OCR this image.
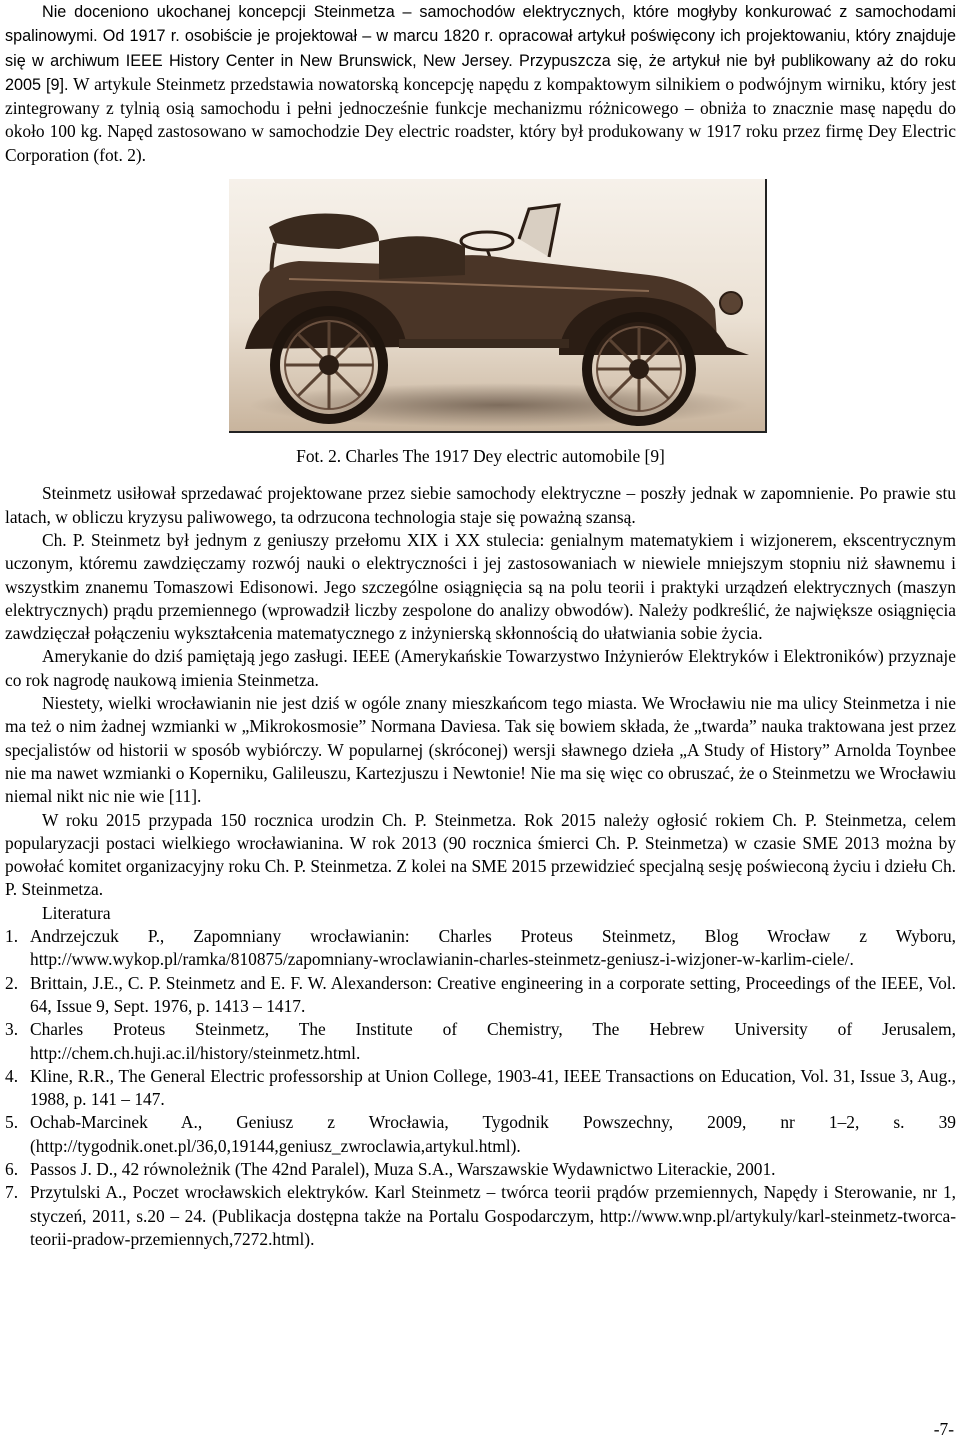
Nie doceniono ukochanej koncepcji Steinmetza – samochodów elektrycznych, które mogłyby konkurować z samochodami spalinowymi. Od 1917 r. osobiście je projektował – w marcu 1820 r. opracował artykuł poświęcony ich projektowaniu, który znajduje się w archiwum IEEE History Center in New Brunswick, New Jersey. Przypuszcza się, że artykuł nie był publikowany aż do roku 2005 [9]. W artykule Steinmetz przedstawia nowatorską koncepcję napędu z kompaktowym silnikiem o podwójnym wirniku, który jest zintegrowany z tylnią osią samochodu i pełni jednocześnie funkcje mechanizmu różnicowego – obniża to znacznie masę napędu do około 100 kg. Napęd zastosowano w samochodzie Dey electric roadster, który był produkowany w 1917 roku przez firmę Dey Electric Corporation (fot. 2).

Fot. 2. Charles The 1917 Dey electric automobile [9]

Steinmetz usiłował sprzedawać projektowane przez siebie samochody elektryczne – poszły jednak w zapomnienie. Po prawie stu latach, w obliczu kryzysu paliwowego, ta odrzucona technologia staje się poważną szansą.

Ch. P. Steinmetz był jednym z geniuszy przełomu XIX i XX stulecia: genialnym matematykiem i wizjonerem, ekscentrycznym uczonym, któremu zawdzięczamy rozwój nauki o elektryczności i jej zastosowaniach w niewiele mniejszym stopniu niż sławnemu i wszystkim znanemu Tomaszowi Edisonowi. Jego szczególne osiągnięcia są na polu teorii i praktyki urządzeń elektrycznych (maszyn elektrycznych) prądu przemiennego (wprowadził liczby zespolone do analizy obwodów). Należy podkreślić, że największe osiągnięcia zawdzięczał połączeniu wykształcenia matematycznego z inżynierską skłonnością do ułatwiania sobie życia.

Amerykanie do dziś pamiętają jego zasługi. IEEE (Amerykańskie Towarzystwo Inżynierów Elektryków i Elektroników) przyznaje co rok nagrodę naukową imienia Steinmetza.

Niestety, wielki wrocławianin nie jest dziś w ogóle znany mieszkańcom tego miasta. We Wrocławiu nie ma ulicy Steinmetza i nie ma też o nim żadnej wzmianki w „Mikrokosmosie” Normana Daviesa. Tak się bowiem składa, że „twarda” nauka traktowana jest przez specjalistów od historii w sposób wybiórczy. W popularnej (skróconej) wersji sławnego dzieła „A Study of History” Arnolda Toynbee nie ma nawet wzmianki o Koperniku, Galileuszu, Kartezjuszu i Newtonie! Nie ma się więc co obruszać, że o Steinmetzu we Wrocławiu niemal nikt nic nie wie [11].

W roku 2015 przypada 150 rocznica urodzin Ch. P. Steinmetza. Rok 2015 należy ogłosić rokiem Ch. P. Steinmetza, celem popularyzacji postaci wielkiego wrocławianina. W rok 2013 (90 rocznica śmierci Ch. P. Steinmetza) w czasie SME 2013 można by powołać komitet organizacyjny roku Ch. P. Steinmetza. Z kolei na SME 2015 przewidzieć specjalną sesję poświeconą życiu i dziełu Ch. P. Steinmetza.

Literatura

1. Andrzejczuk P., Zapomniany wrocławianin: Charles Proteus Steinmetz, Blog Wrocław z Wyboru, http://www.wykop.pl/ramka/810875/zapomniany-wroclawianin-charles-steinmetz-geniusz-i-wizjoner-w-karlim-ciele/.
2. Brittain, J.E., C. P. Steinmetz and E. F. W. Alexanderson: Creative engineering in a corporate setting, Proceedings of the IEEE, Vol. 64, Issue 9, Sept. 1976, p. 1413 – 1417.
3. Charles Proteus Steinmetz, The Institute of Chemistry, The Hebrew University of Jerusalem, http://chem.ch.huji.ac.il/history/steinmetz.html.
4. Kline, R.R., The General Electric professorship at Union College, 1903-41, IEEE Transactions on Education, Vol. 31, Issue 3, Aug., 1988, p. 141 – 147.
5. Ochab-Marcinek A., Geniusz z Wrocławia, Tygodnik Powszechny, 2009, nr 1–2, s. 39 (http://tygodnik.onet.pl/36,0,19144,geniusz_zwroclawia,artykul.html).
6. Passos J. D., 42 równoleżnik (The 42nd Paralel), Muza S.A., Warszawskie Wydawnictwo Literackie, 2001.
7. Przytulski A., Poczet wrocławskich elektryków. Karl Steinmetz – twórca teorii prądów przemiennych, Napędy i Sterowanie, nr 1, styczeń, 2011, s.20 – 24. (Publikacja dostępna także na Portalu Gospodarczym, http://www.wnp.pl/artykuly/karl-steinmetz-tworca-teorii-pradow-przemiennych,7272.html).
-7-
